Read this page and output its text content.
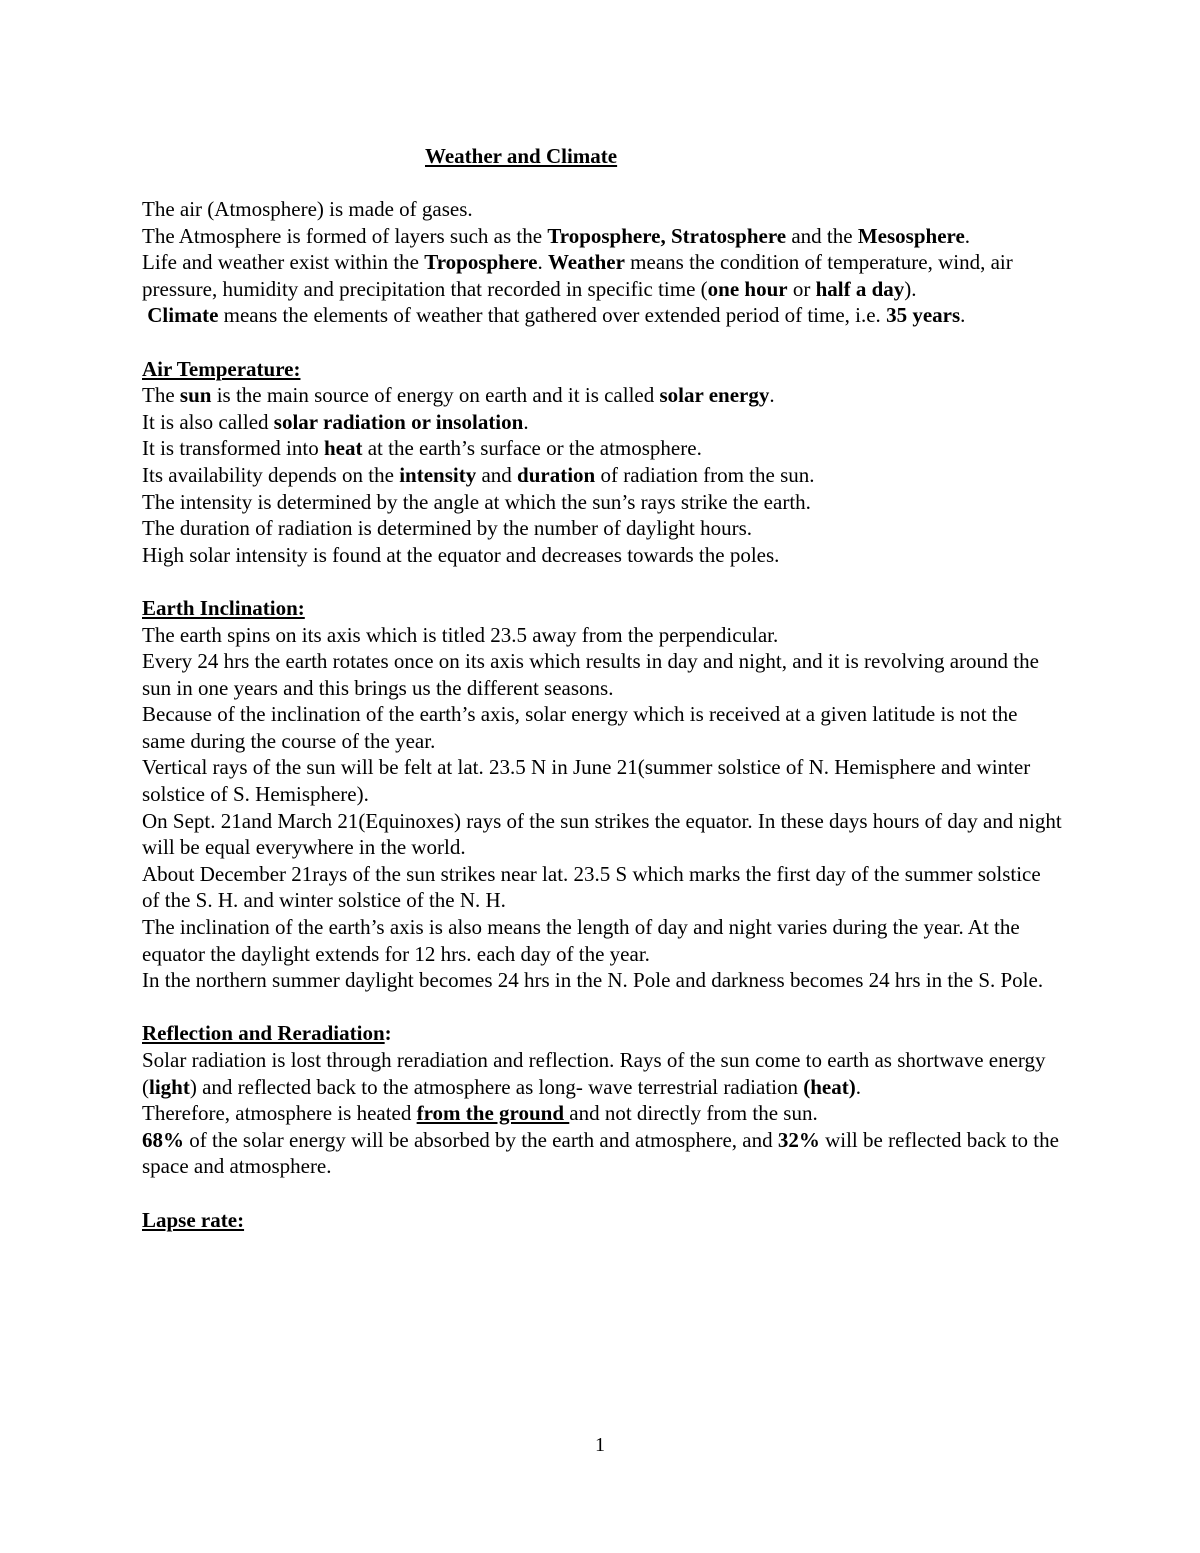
Weather and Climate

The air (Atmosphere) is made of gases.

The Atmosphere is formed of layers such as the Troposphere, Stratosphere and the Mesosphere.

Life and weather exist within the Troposphere. Weather means the condition of temperature, wind, air pressure, humidity and precipitation that recorded in specific time (one hour or half a day).

Climate means the elements of weather that gathered over extended period of time, i.e. 35 years.

Air Temperature:

The sun is the main source of energy on earth and it is called solar energy.

It is also called solar radiation or insolation.

It is transformed into heat at the earth’s surface or the atmosphere.

Its availability depends on the intensity and duration of radiation from the sun.

The intensity is determined by the angle at which the sun’s rays strike the earth.

The duration of radiation is determined by the number of daylight hours.

High solar intensity is found at the equator and decreases towards the poles.

Earth Inclination:

The earth spins on its axis which is titled 23.5 away from the perpendicular.

Every 24 hrs the earth rotates once on its axis which results in day and night, and it is revolving around the sun in one years and this brings us the different seasons.

Because of the inclination of the earth’s axis, solar energy which is received at a given latitude is not the same during the course of the year.

Vertical rays of the sun will be felt at lat. 23.5 N in June 21(summer solstice of N. Hemisphere and winter solstice of S. Hemisphere).

On Sept. 21and March 21(Equinoxes) rays of the sun strikes the equator. In these days hours of day and night will be equal everywhere in the world.

About December 21rays of the sun strikes near lat. 23.5 S which marks the first day of the summer solstice of the S. H. and winter solstice of the N. H.

The inclination of the earth’s axis is also means the length of day and night varies during the year. At the equator the daylight extends for 12 hrs. each day of the year.

In the northern summer daylight becomes 24 hrs in the N. Pole and darkness becomes 24 hrs in the S. Pole.

Reflection and Reradiation:

Solar radiation is lost through reradiation and reflection. Rays of the sun come to earth as shortwave energy (light) and reflected back to the atmosphere as long- wave terrestrial radiation (heat).

Therefore, atmosphere is heated from the ground and not directly from the sun.

68% of the solar energy will be absorbed by the earth and atmosphere, and 32% will be reflected back to the space and atmosphere.

Lapse rate:

1
